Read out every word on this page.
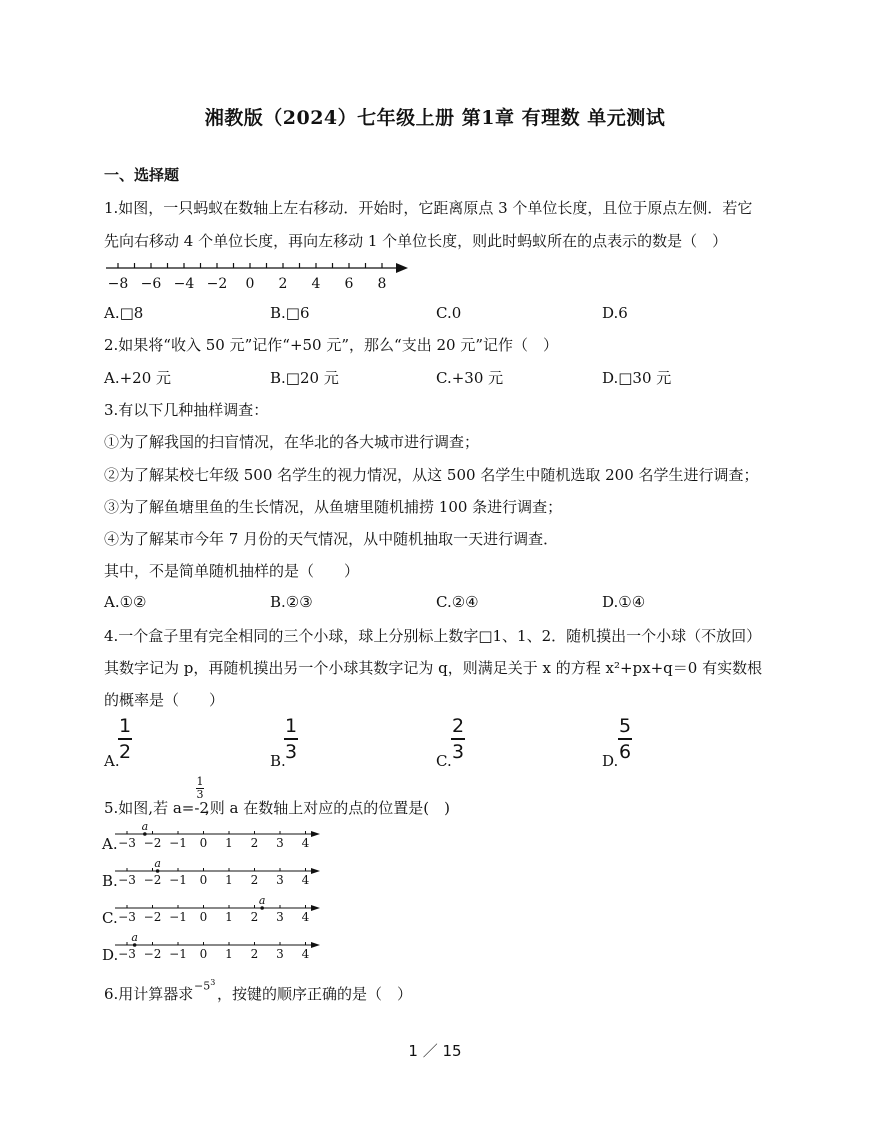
湘教版（2024）七年级上册 第1章 有理数 单元测试
一、选择题
1.如图，一只蚂蚁在数轴上左右移动．开始时，它距离原点 3 个单位长度，且位于原点左侧．若它
先向右移动 4 个单位长度，再向左移动 1 个单位长度，则此时蚂蚁所在的点表示的数是（　）
−8 −6 −4 −2 0 2 4 6 8
A.□8	B.□6	C.0	D.6
2.如果将“收入 50 元”记作“+50 元”，那么“支出 20 元”记作（　）
A.+20 元	B.□20 元	C.+30 元	D.□30 元
3.有以下几种抽样调查：
①为了解我国的扫盲情况，在华北的各大城市进行调查；
②为了解某校七年级 500 名学生的视力情况，从这 500 名学生中随机选取 200 名学生进行调查；
③为了解鱼塘里鱼的生长情况，从鱼塘里随机捕捞 100 条进行调查；
④为了解某市今年 7 月份的天气情况，从中随机抽取一天进行调查．
其中，不是简单随机抽样的是（　　）
A.①②	B.②③	C.②④	D.①④
4.一个盒子里有完全相同的三个小球，球上分别标上数字□1、1、2．随机摸出一个小球（不放回）
其数字记为 p，再随机摸出另一个小球其数字记为 q，则满足关于 x 的方程 x²+px+q＝0 有实数根
的概率是（　　）
A.
1
2	B.
1
3	C.
2
3	D.
5
6
5.如图,若 a=-2
1

3
,则 a 在数轴上对应的点的位置是(　)
A. −3 −2 −1 0 1 2 3 4
a
B. −3 −2 −1 0 1 2 3 4
a
C. −3 −2 −1 0 1 2 3 4
a
D. −3 −2 −1 0 1 2 3 4
a
6.用计算器求 $-5^3$
，按键的顺序正确的是（　）
1 ／ 15
